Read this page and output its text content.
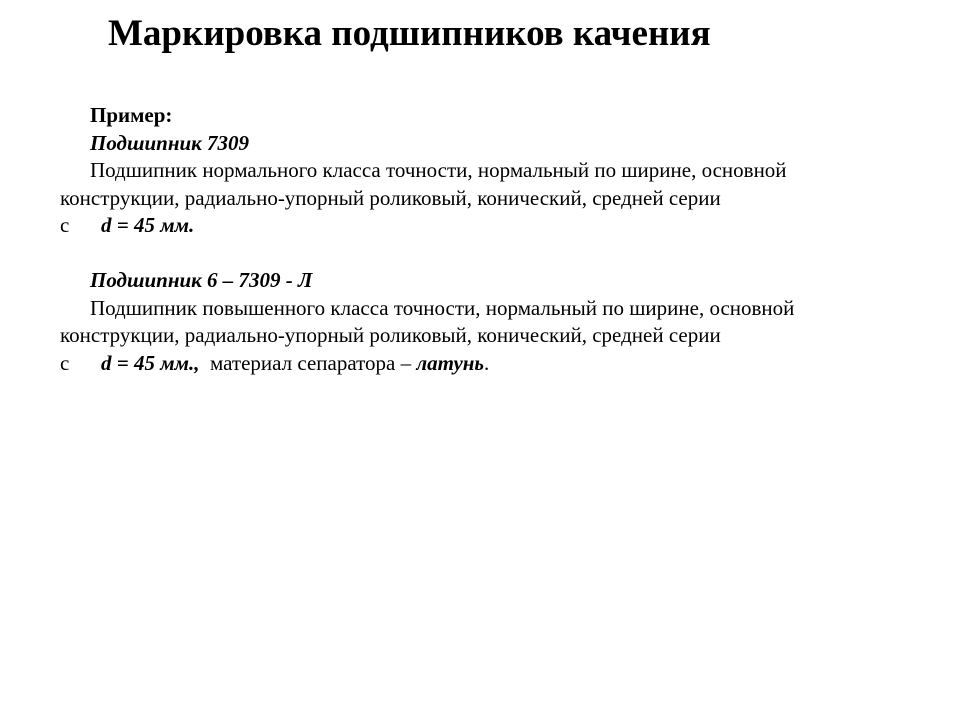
Маркировка подшипников качения
Пример:
Подшипник 7309
Подшипник нормального класса точности, нормальный по ширине, основной
конструкции, радиально-упорный роликовый, конический, средней серии
с d = 45 мм.
Подшипник 6 – 7309 - Л
Подшипник повышенного класса точности, нормальный по ширине, основной
конструкции, радиально-упорный роликовый, конический, средней серии
с d = 45 мм.,  материал сепаратора – латунь.
